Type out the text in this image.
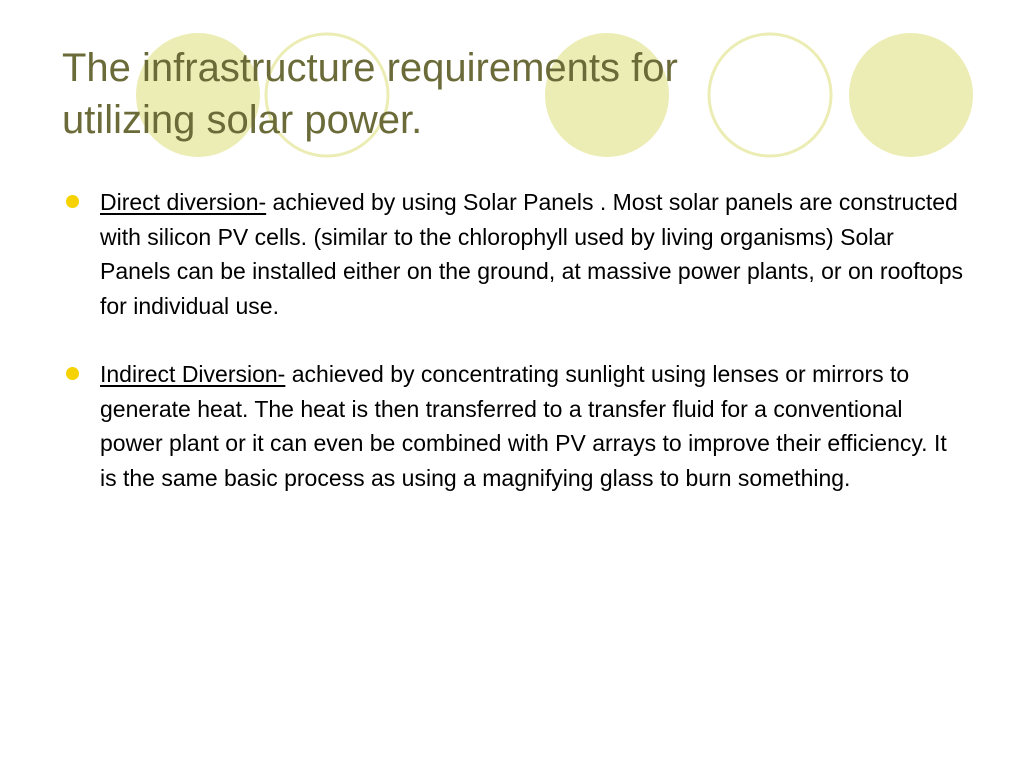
The infrastructure requirements for
utilizing solar power.
Direct diversion- achieved by using Solar Panels . Most solar panels are constructed with silicon PV cells. (similar to the chlorophyll used by living organisms) Solar Panels can be installed either on the ground, at massive power plants, or on rooftops for individual use.
Indirect Diversion- achieved by concentrating sunlight using lenses or mirrors to generate heat. The heat is then transferred to a transfer fluid for a conventional power plant or it can even be combined with PV arrays to improve their efficiency. It is the same basic process as using a magnifying glass to burn something.
